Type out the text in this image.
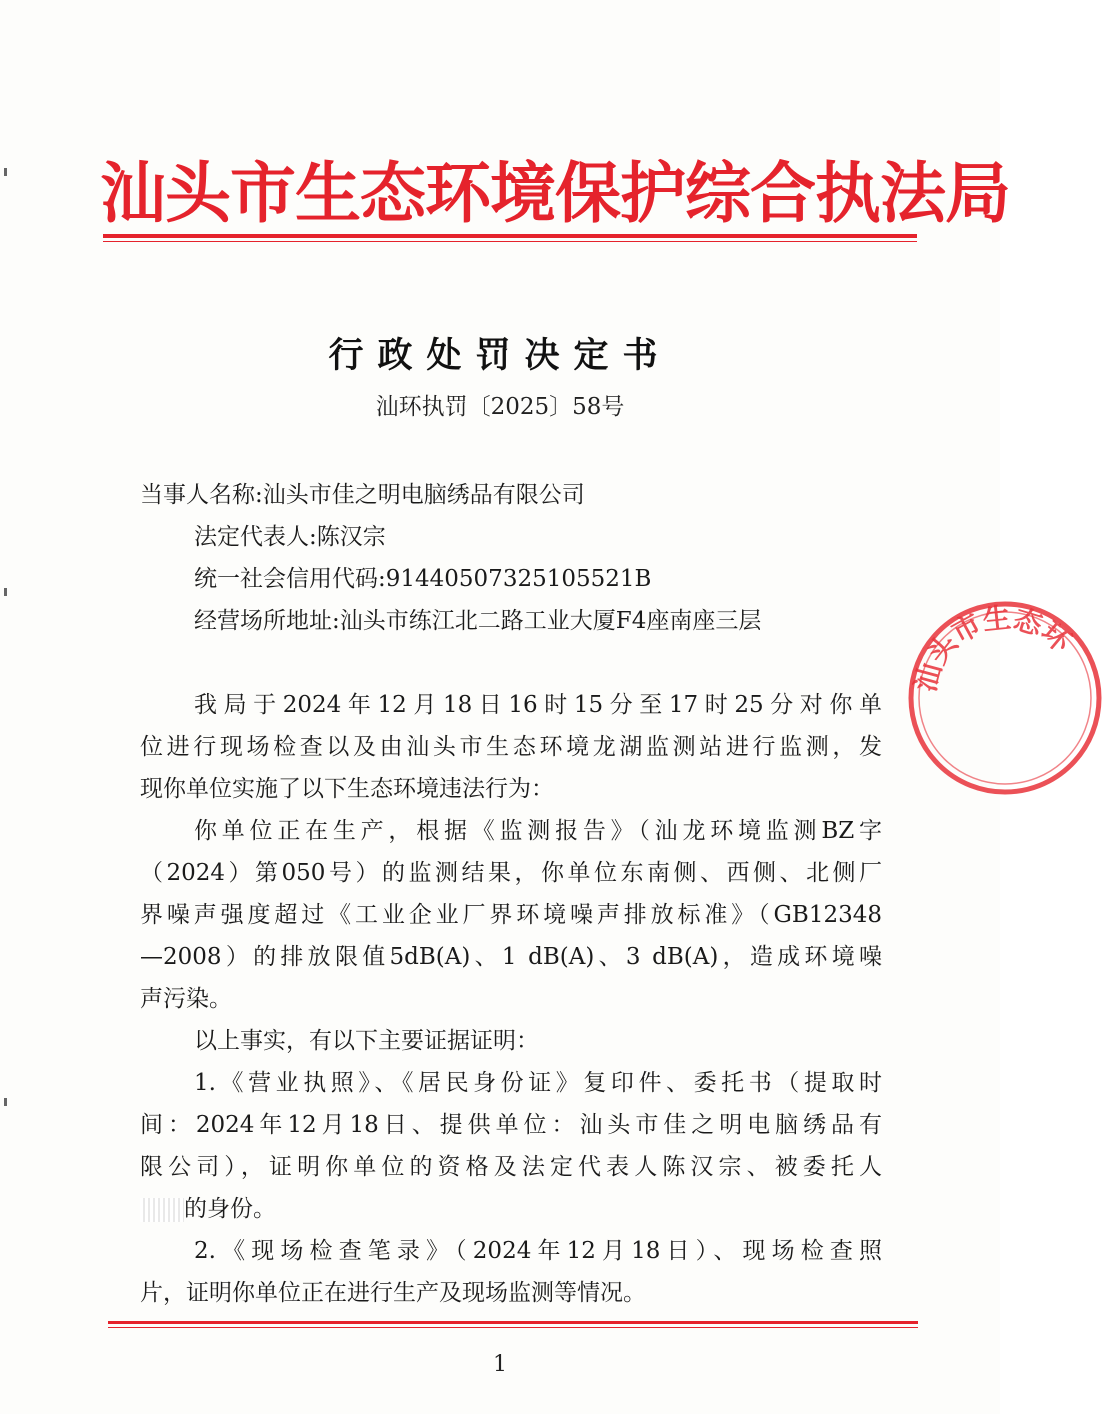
汕头市生态环境保护综合执法局
行政处罚决定书
汕环执罚〔2025〕58号
当事人名称:汕头市佳之明电脑绣品有限公司
法定代表人:陈汉宗
统一社会信用代码:91440507325105521B
经营场所地址:汕头市练江北二路工业大厦F4座南座三层
我局于2024年12月18日16时15分至17时25分对你单
位进行现场检查以及由汕头市生态环境龙湖监测站进行监测，发
现你单位实施了以下生态环境违法行为：
你单位正在生产，根据《监测报告》（汕龙环境监测BZ字
（2024）第050号）的监测结果，你单位东南侧、西侧、北侧厂
界噪声强度超过《工业企业厂界环境噪声排放标准》（GB12348
—2008）的排放限值5dB(A)、1 dB(A)、3 dB(A)，造成环境噪
声污染。
以上事实，有以下主要证据证明：
1.《营业执照》、《居民身份证》复印件、委托书（提取时
间：2024年12月18日、提供单位：汕头市佳之明电脑绣品有
限公司），证明你单位的资格及法定代表人陈汉宗、被委托人
的身份。
2.《现场检查笔录》（2024年12月18日）、现场检查照
片，证明你单位正在进行生产及现场监测等情况。
汕头市生态环
1
